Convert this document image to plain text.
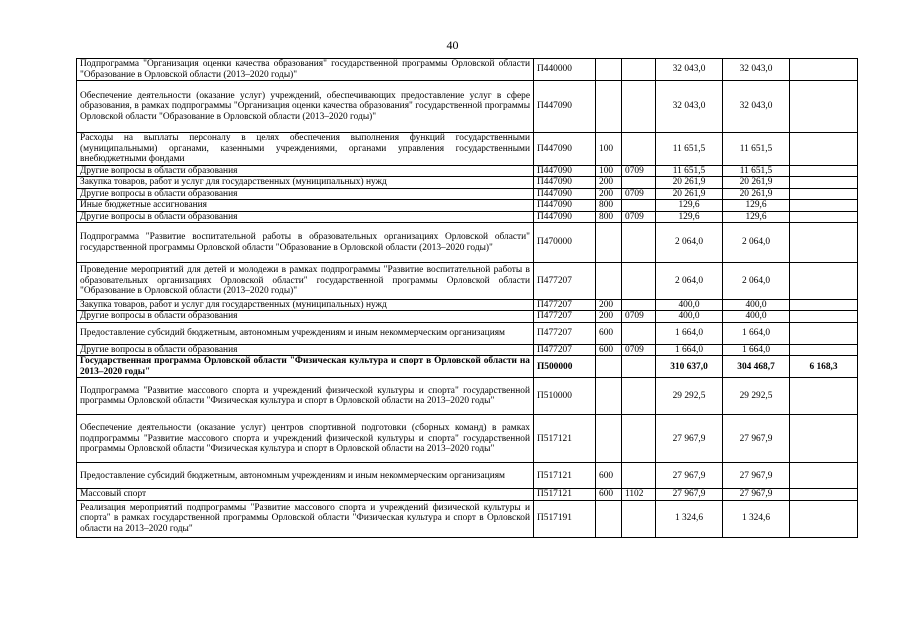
40
Подпрограмма "Организация оценки качества образования" государственной программы Орловской области "Образование в Орловской области (2013–2020 годы)"	П440000			32 043,0	32 043,0	
Обеспечение деятельности (оказание услуг) учреждений, обеспечивающих предоставление услуг в сфере образования, в рамках подпрограммы "Организация оценки качества образования" государственной программы Орловской области "Образование в Орловской области (2013–2020 годы)"	П447090			32 043,0	32 043,0	
Расходы на выплаты персоналу в целях обеспечения выполнения функций государственными (муниципальными) органами, казенными учреждениями, органами управления государственными внебюджетными фондами	П447090	100		11 651,5	11 651,5	
Другие вопросы в области образования	П447090	100	0709	11 651,5	11 651,5	
Закупка товаров, работ и услуг для государственных (муниципальных) нужд	П447090	200		20 261,9	20 261,9	
Другие вопросы в области образования	П447090	200	0709	20 261,9	20 261,9	
Иные бюджетные ассигнования	П447090	800		129,6	129,6	
Другие вопросы в области образования	П447090	800	0709	129,6	129,6	
Подпрограмма "Развитие воспитательной работы в образовательных организациях Орловской области" государственной программы Орловской области "Образование в Орловской области (2013–2020 годы)"	П470000			2 064,0	2 064,0	
Проведение мероприятий для детей и молодежи в рамках подпрограммы "Развитие воспитательной работы в образовательных организациях Орловской области" государственной программы Орловской области "Образование в Орловской области (2013–2020 годы)"	П477207			2 064,0	2 064,0	
Закупка товаров, работ и услуг для государственных (муниципальных) нужд	П477207	200		400,0	400,0	
Другие вопросы в области образования	П477207	200	0709	400,0	400,0	
Предоставление субсидий бюджетным, автономным учреждениям и иным некоммерческим организациям	П477207	600		1 664,0	1 664,0	
Другие вопросы в области образования	П477207	600	0709	1 664,0	1 664,0	
Государственная программа Орловской области "Физическая культура и спорт в Орловской области на 2013–2020 годы"	П500000			310 637,0	304 468,7	6 168,3
Подпрограмма "Развитие массового спорта и учреждений физической культуры и спорта" государственной программы Орловской области "Физическая культура и спорт в Орловской области на 2013–2020 годы"	П510000			29 292,5	29 292,5	
Обеспечение деятельности (оказание услуг) центров спортивной подготовки (сборных команд) в рамках подпрограммы "Развитие массового спорта и учреждений физической культуры и спорта" государственной программы Орловской области "Физическая культура и спорт в Орловской области на 2013–2020 годы"	П517121			27 967,9	27 967,9	
Предоставление субсидий бюджетным, автономным учреждениям и иным некоммерческим организациям	П517121	600		27 967,9	27 967,9	
Массовый спорт	П517121	600	1102	27 967,9	27 967,9	
Реализация мероприятий подпрограммы "Развитие массового спорта и учреждений физической культуры и спорта" в рамках государственной программы Орловской области "Физическая культура и спорт в Орловской области на 2013–2020 годы"	П517191			1 324,6	1 324,6	
